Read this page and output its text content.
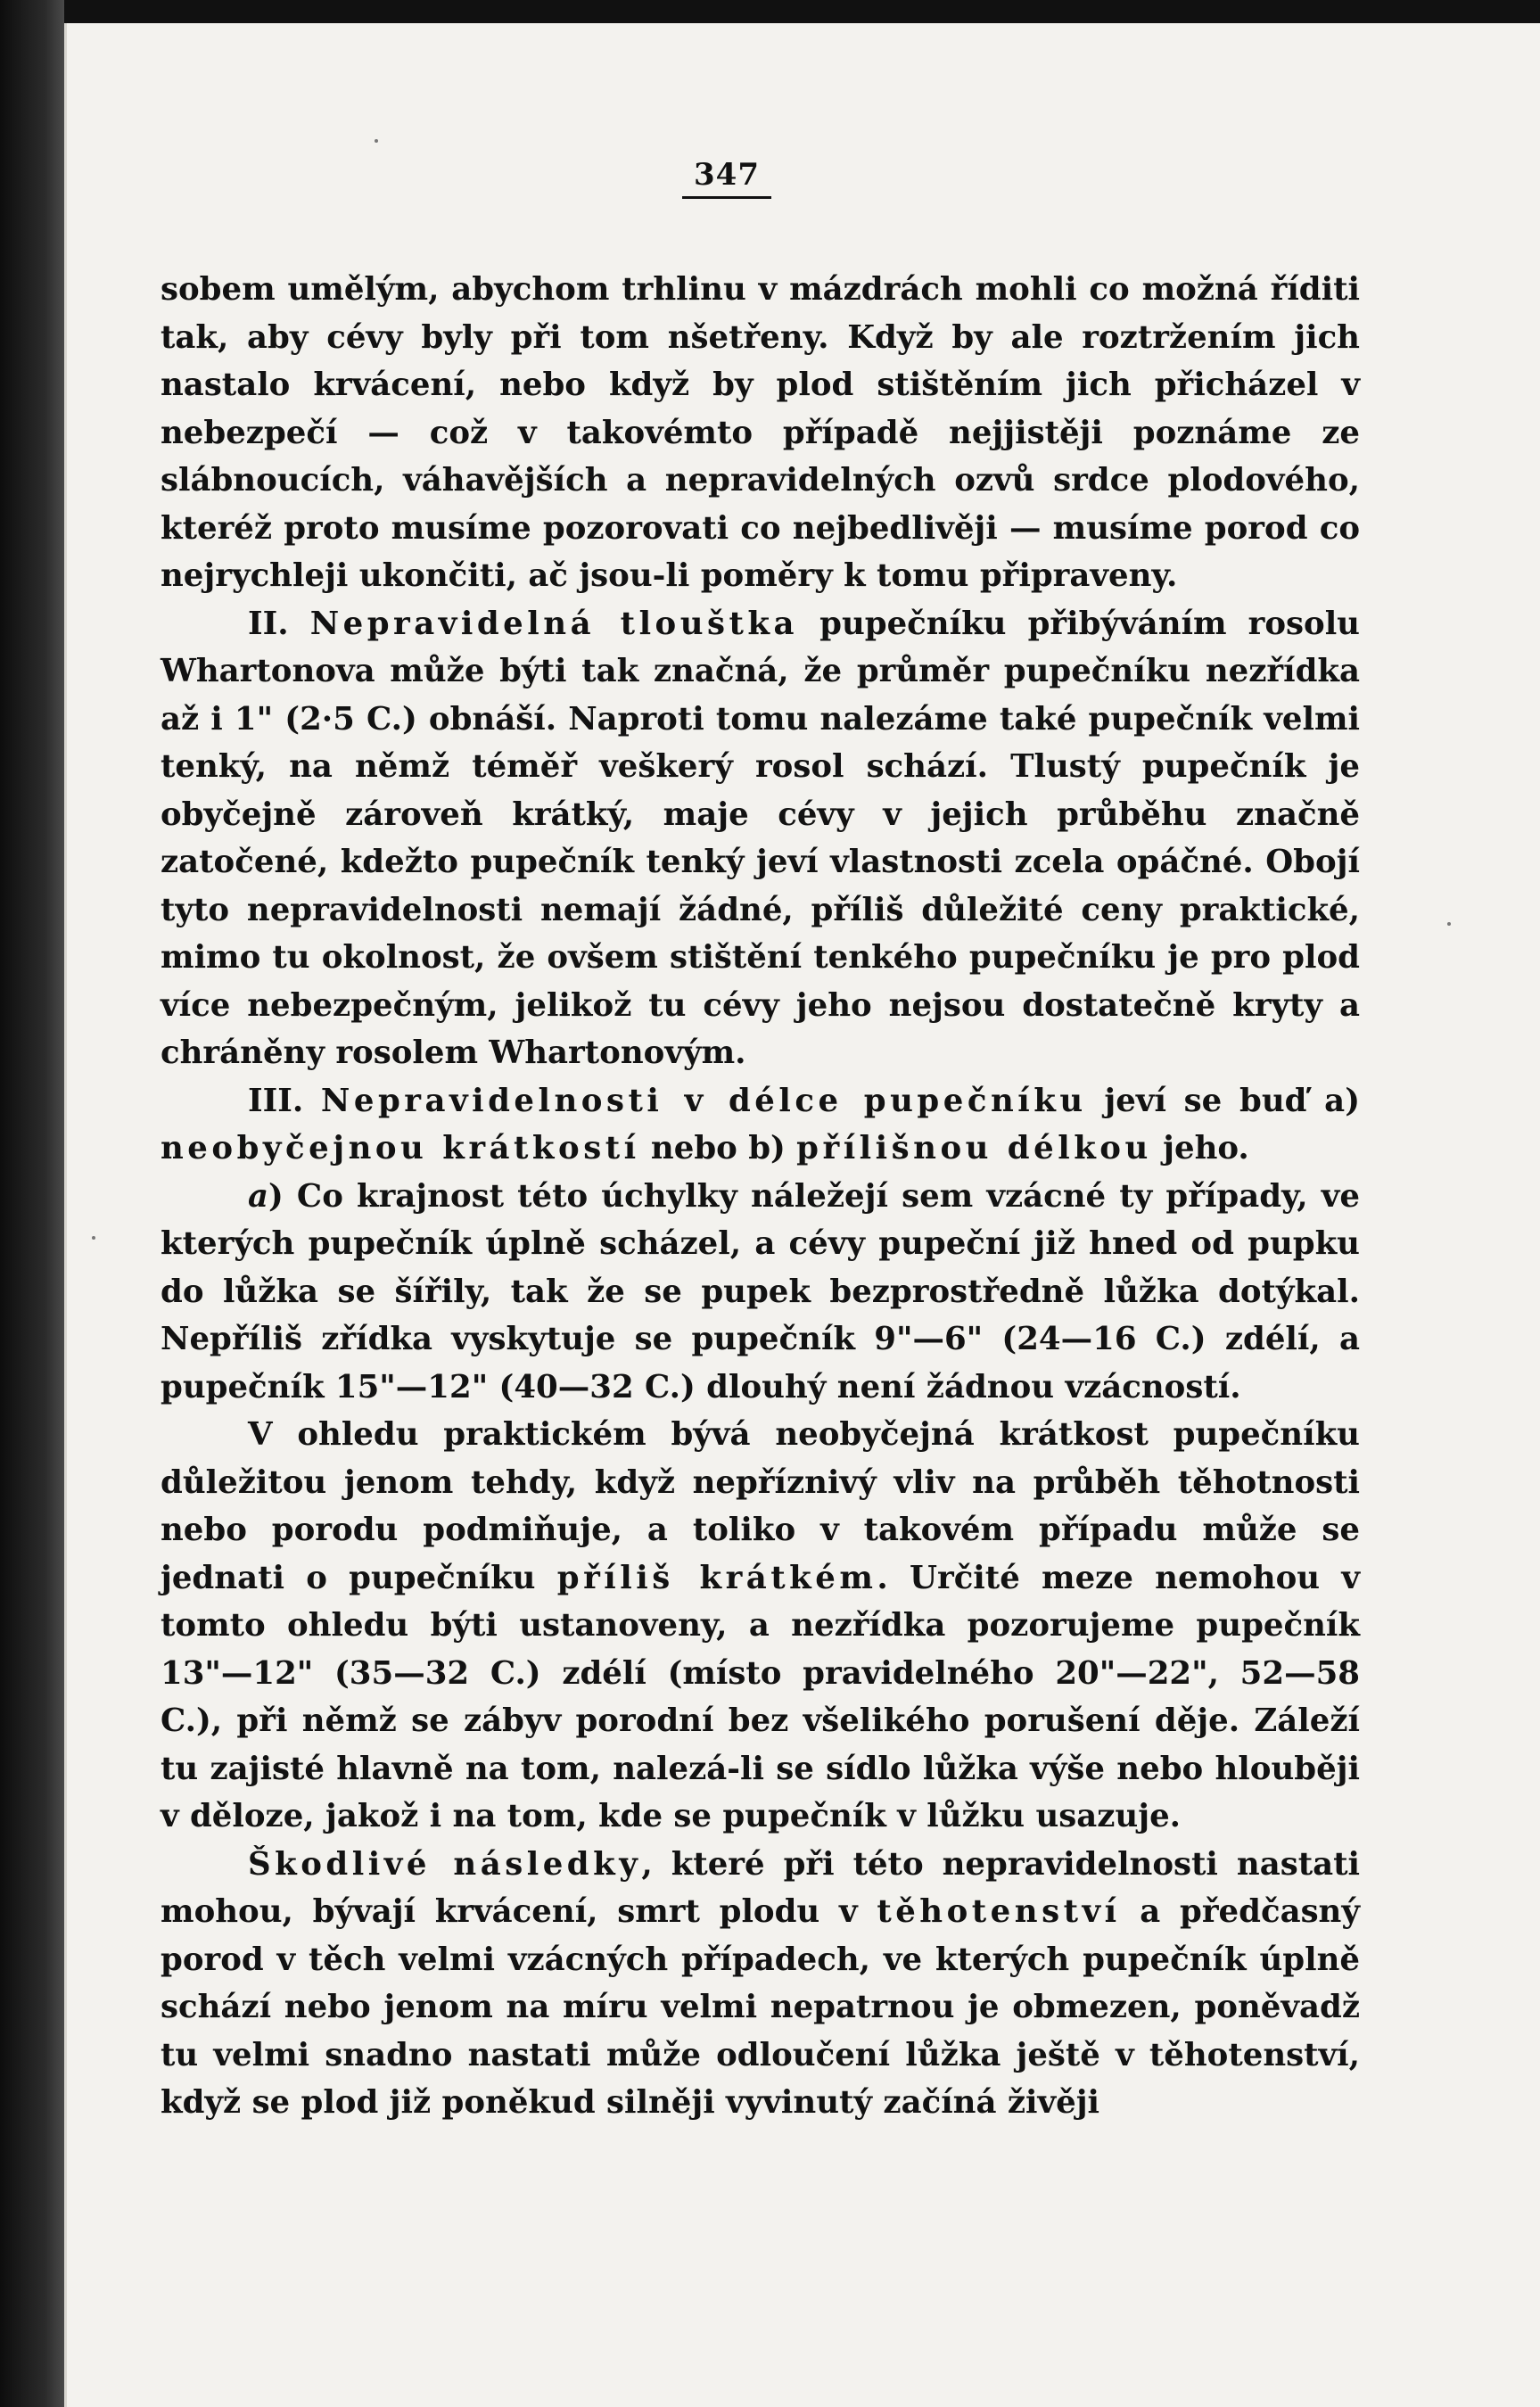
347

sobem umělým, abychom trhlinu v mázdrách mohli co možná říditi tak, aby cévy byly při tom nšetřeny. Když by ale roztržením jich nastalo krvácení, nebo když by plod stištěním jich přicházel v nebezpečí — což v takovémto případě nejjistěji poznáme ze slábnoucích, váhavějších a nepravidelných ozvů srdce plodového, kteréž proto musíme pozorovati co nejbedlivěji — musíme porod co nejrychleji ukončiti, ač jsou-li poměry k tomu připraveny.

II. Nepravidelná tlouštka pupečníku přibýváním rosolu Whartonova může býti tak značná, že průměr pupečníku nezřídka až i 1" (2·5 C.) obnáší. Naproti tomu nalezáme také pupečník velmi tenký, na němž téměř veškerý rosol schází. Tlustý pupečník je obyčejně zároveň krátký, maje cévy v jejich průběhu značně zatočené, kdežto pupečník tenký jeví vlastnosti zcela opáčné. Obojí tyto nepravidelnosti nemají žádné, příliš důležité ceny praktické, mimo tu okolnost, že ovšem stištění tenkého pupečníku je pro plod více nebezpečným, jelikož tu cévy jeho nejsou dostatečně kryty a chráněny rosolem Whartonovým.

III. Nepravidelnosti v délce pupečníku jeví se buď a) neobyčejnou krátkostí nebo b) přílišnou délkou jeho.

a) Co krajnost této úchylky náležejí sem vzácné ty případy, ve kterých pupečník úplně scházel, a cévy pupeční již hned od pupku do lůžka se šířily, tak že se pupek bezprostředně lůžka dotýkal. Nepříliš zřídka vyskytuje se pupečník 9"—6" (24—16 C.) zdélí, a pupečník 15"—12" (40—32 C.) dlouhý není žádnou vzácností.

V ohledu praktickém bývá neobyčejná krátkost pupečníku důležitou jenom tehdy, když nepříznivý vliv na průběh těhotnosti nebo porodu podmiňuje, a toliko v takovém případu může se jednati o pupečníku příliš krátkém. Určité meze nemohou v tomto ohledu býti ustanoveny, a nezřídka pozorujeme pupečník 13"—12" (35—32 C.) zdélí (místo pravidelného 20"—22", 52—58 C.), při němž se zábyv porodní bez všelikého porušení děje. Záleží tu zajisté hlavně na tom, nalezá-li se sídlo lůžka výše nebo hlouběji v děloze, jakož i na tom, kde se pupečník v lůžku usazuje.

Škodlivé následky, které při této nepravidelnosti nastati mohou, bývají krvácení, smrt plodu v těhotenství a předčasný porod v těch velmi vzácných případech, ve kterých pupečník úplně schází nebo jenom na míru velmi nepatrnou je obmezen, poněvadž tu velmi snadno nastati může odloučení lůžka ještě v těhotenství, když se plod již poněkud silněji vyvinutý začíná živěji
